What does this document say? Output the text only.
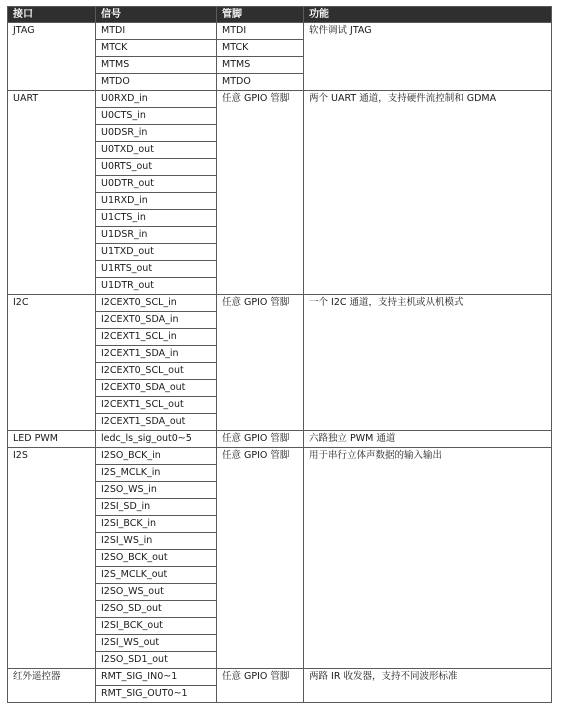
接口	信号	管脚	功能
JTAG	MTDI	MTDI	软件调试 JTAG
	MTCK	MTCK	
	MTMS	MTMS	
	MTDO	MTDO	
UART	U0RXD_in	任意 GPIO 管脚	两个 UART 通道，支持硬件流控制和 GDMA
	U0CTS_in		
	U0DSR_in		
	U0TXD_out		
	U0RTS_out		
	U0DTR_out		
	U1RXD_in		
	U1CTS_in		
	U1DSR_in		
	U1TXD_out		
	U1RTS_out		
	U1DTR_out		
I2C	I2CEXT0_SCL_in	任意 GPIO 管脚	一个 I2C 通道，支持主机或从机模式
	I2CEXT0_SDA_in		
	I2CEXT1_SCL_in		
	I2CEXT1_SDA_in		
	I2CEXT0_SCL_out		
	I2CEXT0_SDA_out		
	I2CEXT1_SCL_out		
	I2CEXT1_SDA_out		
LED PWM	ledc_ls_sig_out0~5	任意 GPIO 管脚	六路独立 PWM 通道
I2S	I2SO_BCK_in	任意 GPIO 管脚	用于串行立体声数据的输入输出
	I2S_MCLK_in		
	I2SO_WS_in		
	I2SI_SD_in		
	I2SI_BCK_in		
	I2SI_WS_in		
	I2SO_BCK_out		
	I2S_MCLK_out		
	I2SO_WS_out		
	I2SO_SD_out		
	I2SI_BCK_out		
	I2SI_WS_out		
	I2SO_SD1_out		
红外遥控器	RMT_SIG_IN0~1	任意 GPIO 管脚	两路 IR 收发器，支持不同波形标准
	RMT_SIG_OUT0~1		
